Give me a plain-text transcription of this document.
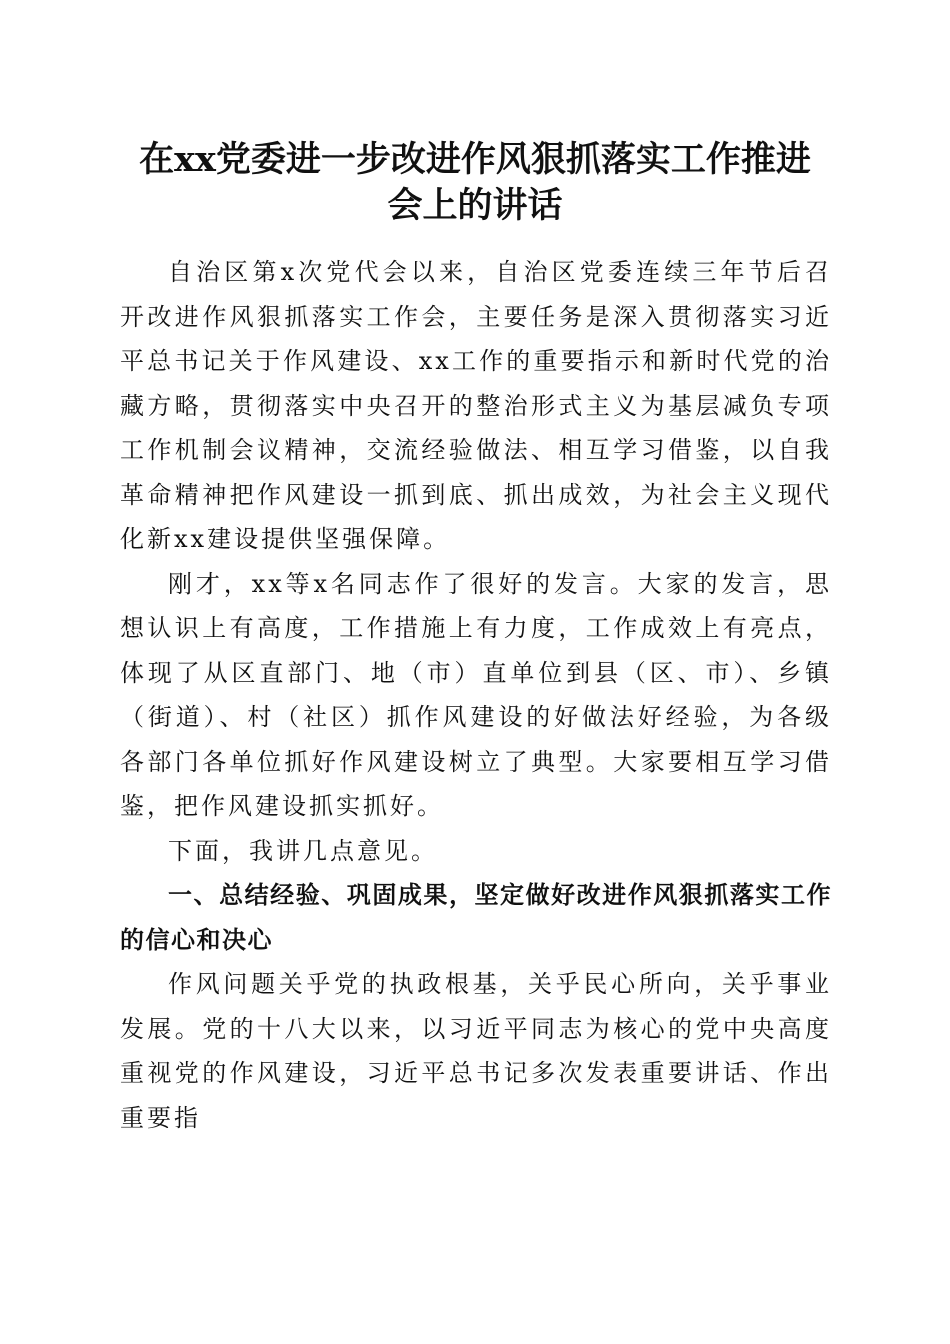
在xx党委进一步改进作风狠抓落实工作推进
会上的讲话

自治区第x次党代会以来，自治区党委连续三年节后召开改进作风狠抓落实工作会，主要任务是深入贯彻落实习近平总书记关于作风建设、xx工作的重要指示和新时代党的治藏方略，贯彻落实中央召开的整治形式主义为基层减负专项工作机制会议精神，交流经验做法、相互学习借鉴，以自我革命精神把作风建设一抓到底、抓出成效，为社会主义现代化新xx建设提供坚强保障。

刚才，xx等x名同志作了很好的发言。大家的发言，思想认识上有高度，工作措施上有力度，工作成效上有亮点，体现了从区直部门、地（市）直单位到县（区、市）、乡镇（街道）、村（社区）抓作风建设的好做法好经验，为各级各部门各单位抓好作风建设树立了典型。大家要相互学习借鉴，把作风建设抓实抓好。

下面，我讲几点意见。

一、总结经验、巩固成果，坚定做好改进作风狠抓落实工作的信心和决心

作风问题关乎党的执政根基，关乎民心所向，关乎事业发展。党的十八大以来，以习近平同志为核心的党中央高度重视党的作风建设，习近平总书记多次发表重要讲话、作出重要指
